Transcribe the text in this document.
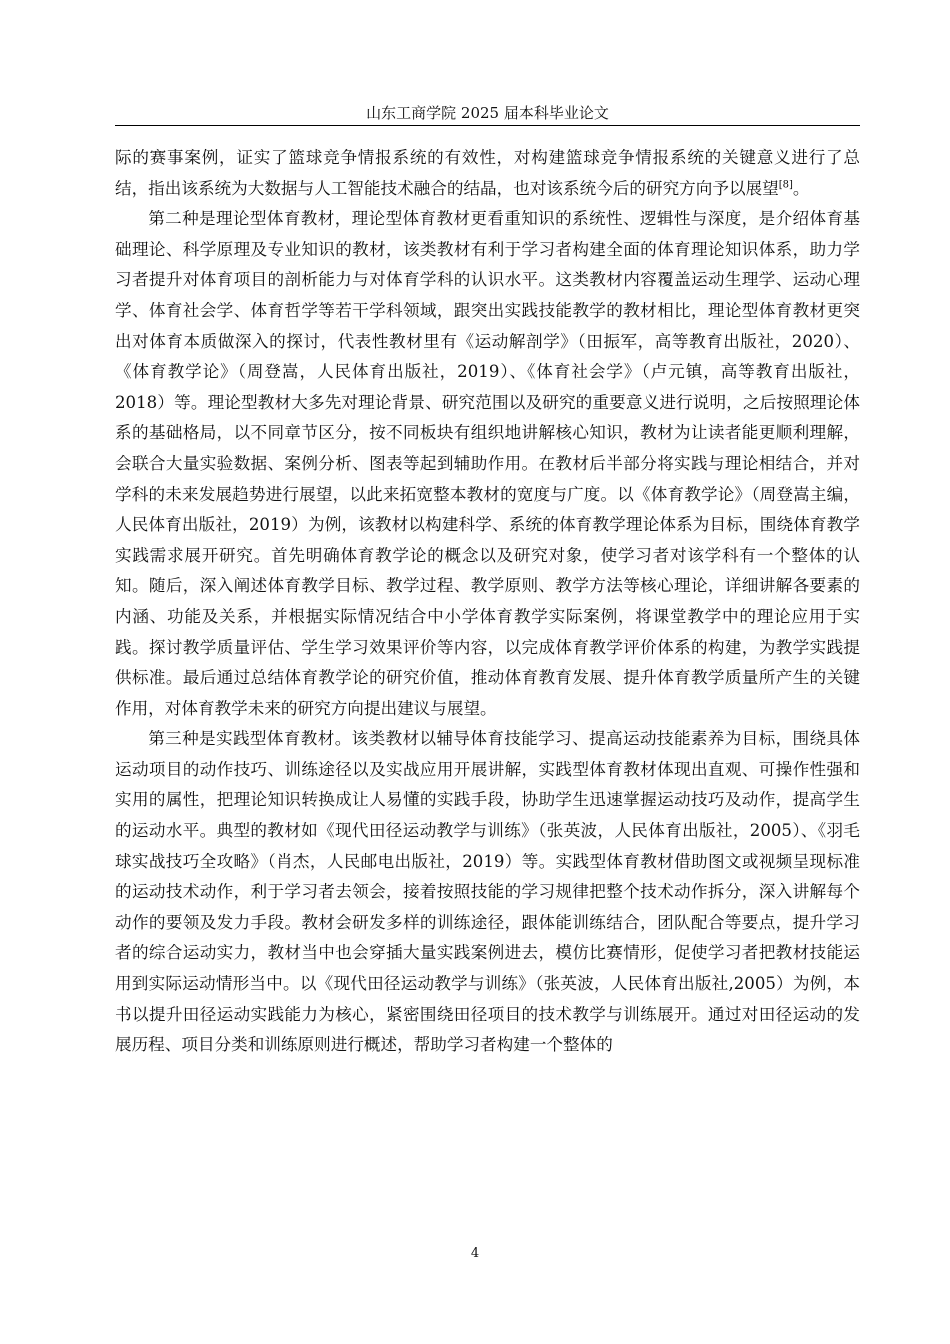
山东工商学院 2025 届本科毕业论文

际的赛事案例，证实了篮球竞争情报系统的有效性，对构建篮球竞争情报系统的关键意义进行了总结，指出该系统为大数据与人工智能技术融合的结晶，也对该系统今后的研究方向予以展望[8]。

第二种是理论型体育教材，理论型体育教材更看重知识的系统性、逻辑性与深度，是介绍体育基础理论、科学原理及专业知识的教材，该类教材有利于学习者构建全面的体育理论知识体系，助力学习者提升对体育项目的剖析能力与对体育学科的认识水平。这类教材内容覆盖运动生理学、运动心理学、体育社会学、体育哲学等若干学科领域，跟突出实践技能教学的教材相比，理论型体育教材更突出对体育本质做深入的探讨，代表性教材里有《运动解剖学》（田振军，高等教育出版社，2020）、《体育教学论》（周登嵩，人民体育出版社，2019）、《体育社会学》（卢元镇，高等教育出版社，2018）等。理论型教材大多先对理论背景、研究范围以及研究的重要意义进行说明，之后按照理论体系的基础格局，以不同章节区分，按不同板块有组织地讲解核心知识，教材为让读者能更顺利理解，会联合大量实验数据、案例分析、图表等起到辅助作用。在教材后半部分将实践与理论相结合，并对学科的未来发展趋势进行展望，以此来拓宽整本教材的宽度与广度。以《体育教学论》（周登嵩主编，人民体育出版社，2019）为例，该教材以构建科学、系统的体育教学理论体系为目标，围绕体育教学实践需求展开研究。首先明确体育教学论的概念以及研究对象，使学习者对该学科有一个整体的认知。随后，深入阐述体育教学目标、教学过程、教学原则、教学方法等核心理论，详细讲解各要素的内涵、功能及关系，并根据实际情况结合中小学体育教学实际案例，将课堂教学中的理论应用于实践。探讨教学质量评估、学生学习效果评价等内容，以完成体育教学评价体系的构建，为教学实践提供标准。最后通过总结体育教学论的研究价值，推动体育教育发展、提升体育教学质量所产生的关键作用，对体育教学未来的研究方向提出建议与展望。

第三种是实践型体育教材。该类教材以辅导体育技能学习、提高运动技能素养为目标，围绕具体运动项目的动作技巧、训练途径以及实战应用开展讲解，实践型体育教材体现出直观、可操作性强和实用的属性，把理论知识转换成让人易懂的实践手段，协助学生迅速掌握运动技巧及动作，提高学生的运动水平。典型的教材如《现代田径运动教学与训练》（张英波，人民体育出版社，2005）、《羽毛球实战技巧全攻略》（肖杰，人民邮电出版社，2019）等。实践型体育教材借助图文或视频呈现标准的运动技术动作，利于学习者去领会，接着按照技能的学习规律把整个技术动作拆分，深入讲解每个动作的要领及发力手段。教材会研发多样的训练途径，跟体能训练结合，团队配合等要点，提升学习者的综合运动实力，教材当中也会穿插大量实践案例进去，模仿比赛情形，促使学习者把教材技能运用到实际运动情形当中。以《现代田径运动教学与训练》（张英波，人民体育出版社,2005）为例，本书以提升田径运动实践能力为核心，紧密围绕田径项目的技术教学与训练展开。通过对田径运动的发展历程、项目分类和训练原则进行概述，帮助学习者构建一个整体的

4
